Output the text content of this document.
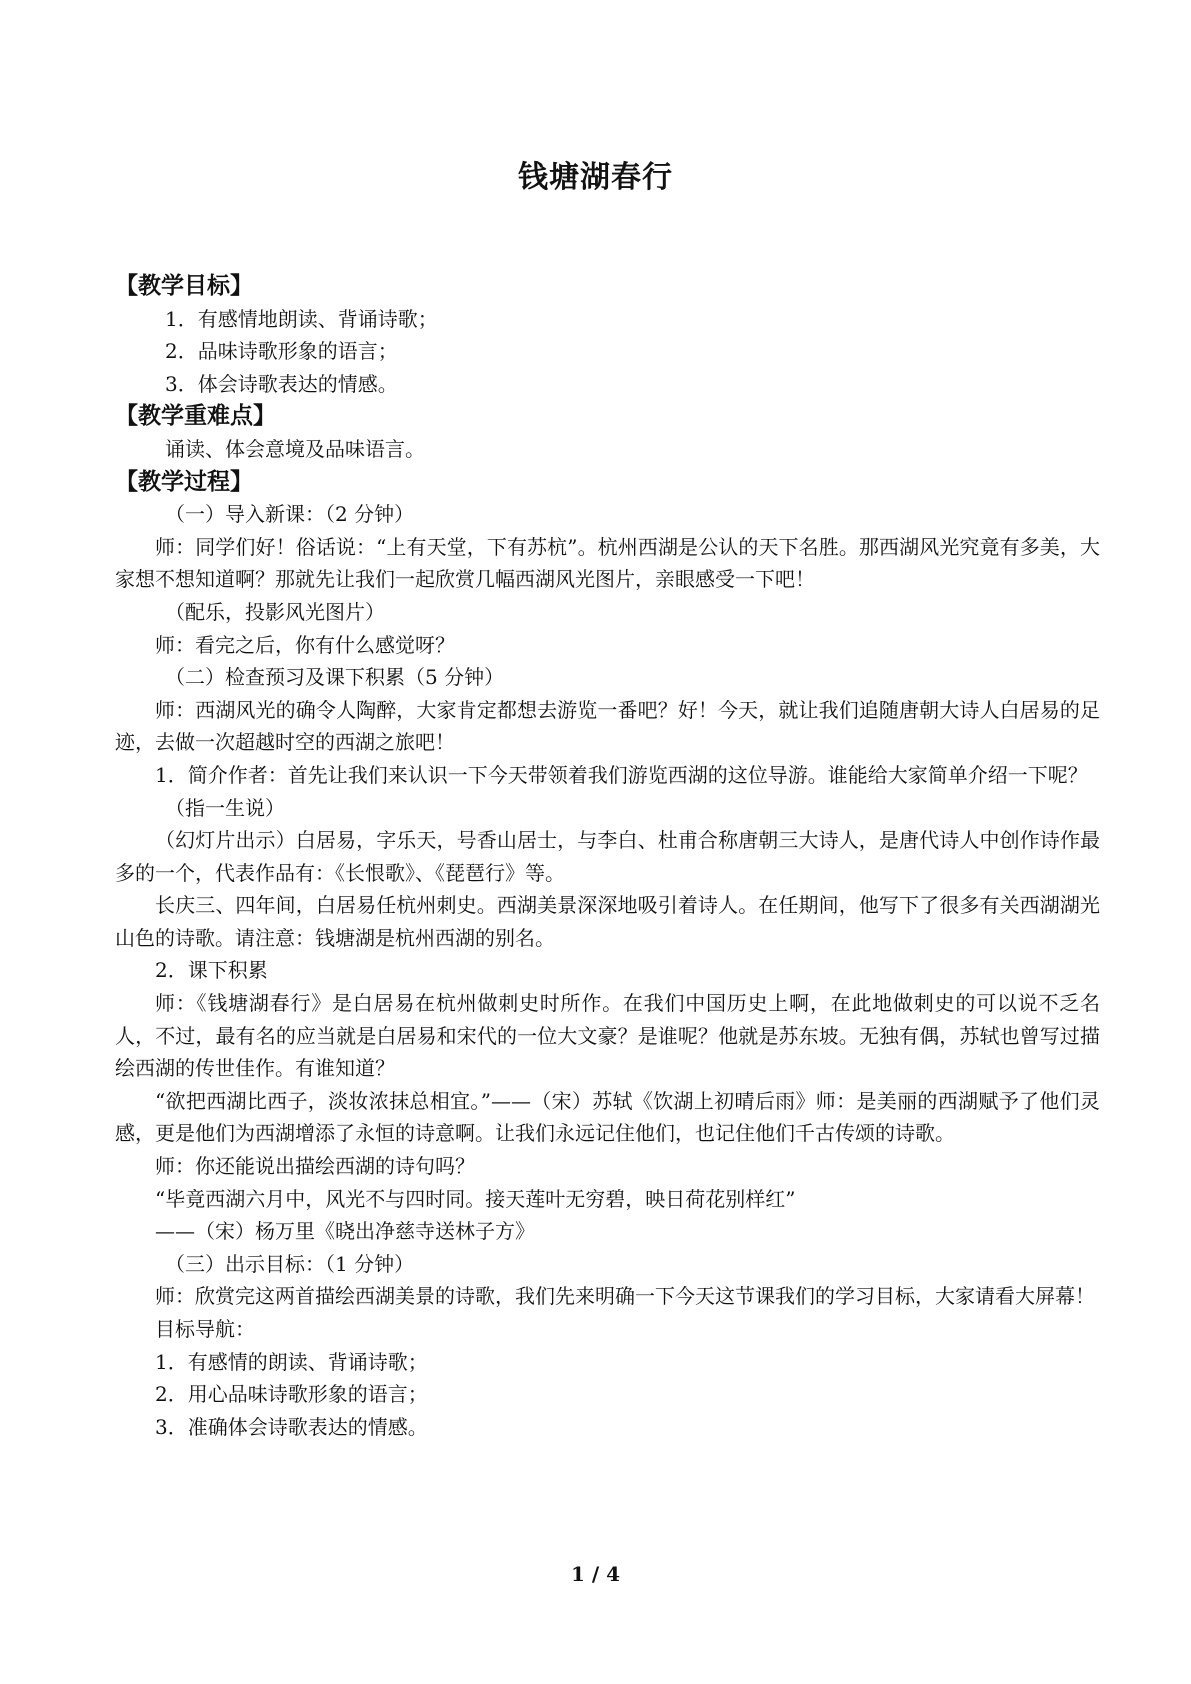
钱塘湖春行

【教学目标】

1．有感情地朗读、背诵诗歌；

2．品味诗歌形象的语言；

3．体会诗歌表达的情感。

【教学重难点】

诵读、体会意境及品味语言。

【教学过程】

（一）导入新课：（2 分钟）

师：同学们好！俗话说：“上有天堂，下有苏杭”。杭州西湖是公认的天下名胜。那西湖风光究竟有多美，大家想不想知道啊？那就先让我们一起欣赏几幅西湖风光图片，亲眼感受一下吧！

（配乐，投影风光图片）

师：看完之后，你有什么感觉呀？

（二）检查预习及课下积累（5 分钟）

师：西湖风光的确令人陶醉，大家肯定都想去游览一番吧？好！今天，就让我们追随唐朝大诗人白居易的足迹，去做一次超越时空的西湖之旅吧！

1．简介作者：首先让我们来认识一下今天带领着我们游览西湖的这位导游。谁能给大家简单介绍一下呢？

（指一生说）

（幻灯片出示）白居易，字乐天，号香山居士，与李白、杜甫合称唐朝三大诗人，是唐代诗人中创作诗作最多的一个，代表作品有：《长恨歌》、《琵琶行》等。

长庆三、四年间，白居易任杭州刺史。西湖美景深深地吸引着诗人。在任期间，他写下了很多有关西湖湖光山色的诗歌。请注意：钱塘湖是杭州西湖的别名。

2．课下积累

师：《钱塘湖春行》是白居易在杭州做刺史时所作。在我们中国历史上啊，在此地做刺史的可以说不乏名人，不过，最有名的应当就是白居易和宋代的一位大文豪？是谁呢？他就是苏东坡。无独有偶，苏轼也曾写过描绘西湖的传世佳作。有谁知道？

“欲把西湖比西子，淡妆浓抹总相宜。”——（宋）苏轼《饮湖上初晴后雨》师：是美丽的西湖赋予了他们灵感，更是他们为西湖增添了永恒的诗意啊。让我们永远记住他们，也记住他们千古传颂的诗歌。

师：你还能说出描绘西湖的诗句吗？

“毕竟西湖六月中，风光不与四时同。接天莲叶无穷碧，映日荷花别样红”

——（宋）杨万里《晓出净慈寺送林子方》

（三）出示目标：（1 分钟）

师：欣赏完这两首描绘西湖美景的诗歌，我们先来明确一下今天这节课我们的学习目标，大家请看大屏幕！

目标导航：

1．有感情的朗读、背诵诗歌；

2．用心品味诗歌形象的语言；

3．准确体会诗歌表达的情感。

1 / 4
